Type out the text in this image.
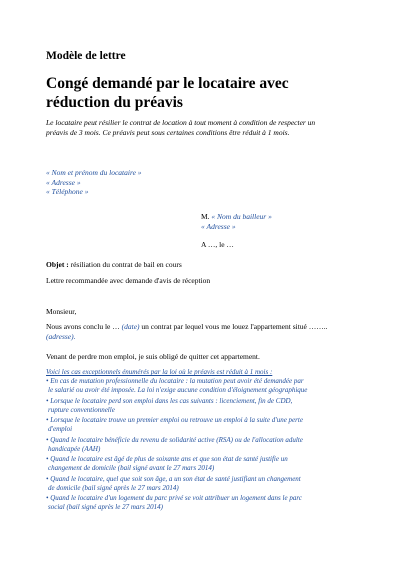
Modèle de lettre
Congé demandé par le locataire avec réduction du préavis
Le locataire peut résilier le contrat de location à tout moment à condition de respecter un
préavis de 3 mois. Ce préavis peut sous certaines conditions être réduit à 1 mois.
« Nom et prénom du locataire »
« Adresse »
« Téléphone »
M. « Nom du bailleur »
« Adresse »
A …, le …
Objet : résiliation du contrat de bail en cours
Lettre recommandée avec demande d'avis de réception
Monsieur,
Nous avons conclu le … (date) un contrat par lequel vous me louez l'appartement situé ……..
(adresse).
Venant de perdre mon emploi, je suis obligé de quitter cet appartement.
Voici les cas exceptionnels énumérés par la loi où le préavis est réduit à 1 mois :
• En cas de mutation professionnelle du locataire : la mutation peut avoir été demandée par
le salarié ou avoir été imposée. La loi n'exige aucune condition d'éloignement géographique
• Lorsque le locataire perd son emploi dans les cas suivants : licenciement, fin de CDD,
rupture conventionnelle
• Lorsque le locataire trouve un premier emploi ou retrouve un emploi à la suite d'une perte
d'emploi
• Quand le locataire bénéficie du revenu de solidarité active (RSA) ou de l'allocation adulte
handicapée (AAH)
• Quand le locataire est âgé de plus de soixante ans et que son état de santé justifie un
changement de domicile (bail signé avant le 27 mars 2014)
• Quand le locataire, quel que soit son âge, a un son état de santé justifiant un changement
de domicile (bail signé après le 27 mars 2014)
• Quand le locataire d'un logement du parc privé se voit attribuer un logement dans le parc
social (bail signé après le 27 mars 2014)
